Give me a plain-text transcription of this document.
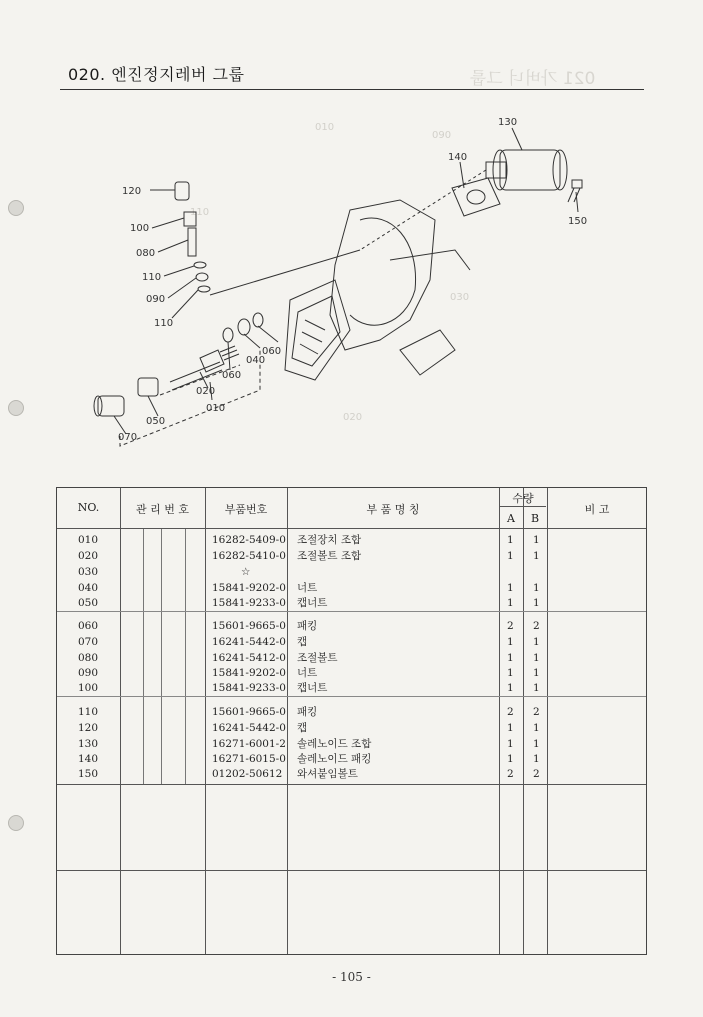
020. 엔진정지레버 그룹	021 가버너 그룹
010
110
090
030
020
130
140
120
150
100
080
110
090
110
060
040
060
020
010
050
070
NO.	관 리 번 호	부품번호	부 품 명 칭
수량
A	B
비 고
010	16282-5409-0 조절장치 조합	1 1
020	16282-5410-0 조절볼트 조합	1 1
030	☆
040	15841-9202-0 너트	1 1
050	15841-9233-0 캡너트	1 1
060	15601-9665-0 패킹	2 2
070	16241-5442-0 캡	1 1
080	16241-5412-0 조절볼트	1 1
090	15841-9202-0 너트	1 1
100	15841-9233-0 캡너트	1 1
110	15601-9665-0 패킹	2 2
120	16241-5442-0 캡	1 1
130	16271-6001-2 솔레노이드 조합	1 1
140	16271-6015-0 솔레노이드 패킹	1 1
150	01202-50612 와셔붙임볼트	2 2
- 105 -
